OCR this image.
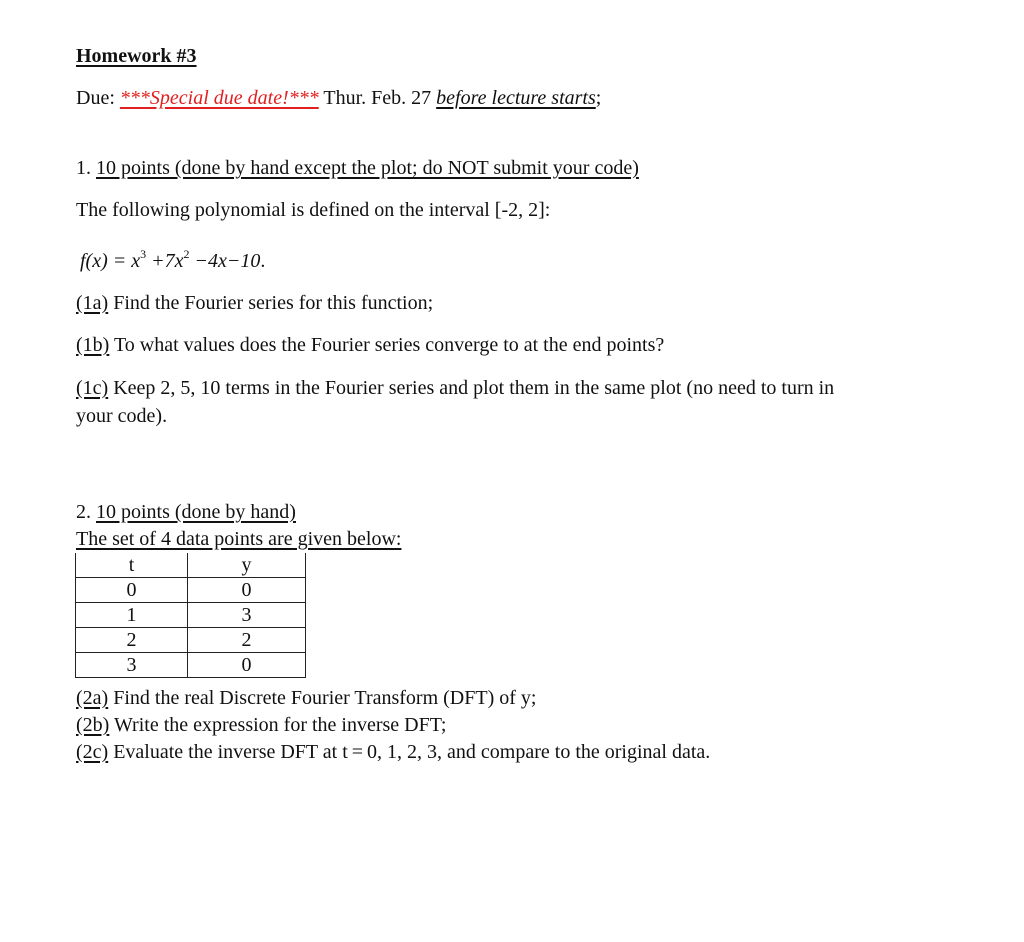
Homework #3
Due: ***Special due date!*** Thur. Feb. 27 before lecture starts;
1. 10 points (done by hand except the plot; do NOT submit your code)
The following polynomial is defined on the interval [-2, 2]:
$f(x) = x^3 +7x^2 -4x-10$.
(1a) Find the Fourier series for this function;
(1b) To what values does the Fourier series converge to at the end points?
(1c) Keep 2, 5, 10 terms in the Fourier series and plot them in the same plot (no need to turn in
your code).
2. 10 points (done by hand)
The set of 4 data points are given below:
t	y
0	0
1	3
2	2
3	0
(2a) Find the real Discrete Fourier Transform (DFT) of y;
(2b) Write the expression for the inverse DFT;
(2c) Evaluate the inverse DFT at t = 0, 1, 2, 3, and compare to the original data.
